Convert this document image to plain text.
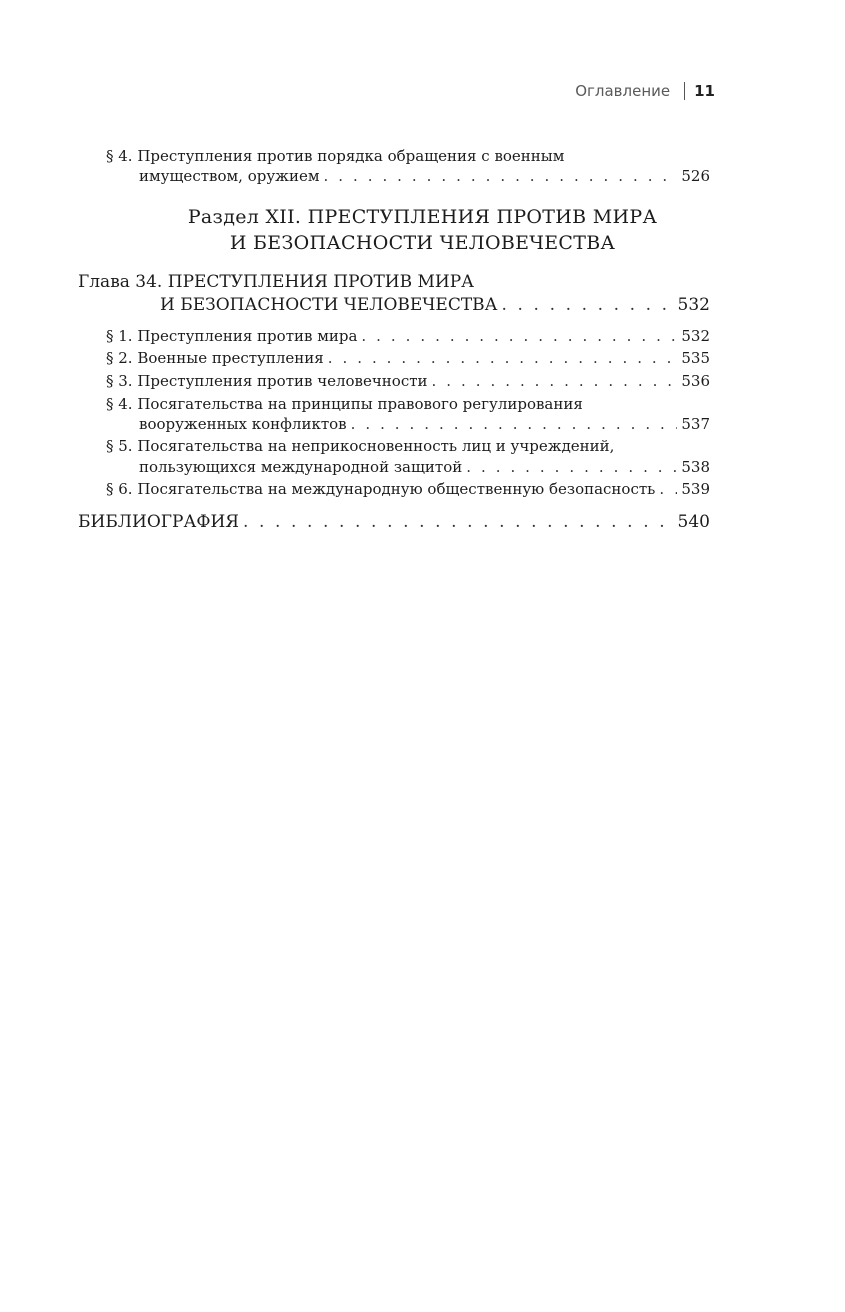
Оглавление 11
§ 4. Преступления против порядка обращения с военным
имуществом, оружием . . .	526
Раздел XII. ПРЕСТУПЛЕНИЯ ПРОТИВ МИРА
И БЕЗОПАСНОСТИ ЧЕЛОВЕЧЕСТВА
Глава 34. ПРЕСТУПЛЕНИЯ ПРОТИВ МИРА
И БЕЗОПАСНОСТИ ЧЕЛОВЕЧЕСТВА . . .	532
§ 1. Преступления против мира . . .	532
§ 2. Военные преступления . . .	535
§ 3. Преступления против человечности . . .	536
§ 4. Посягательства на принципы правового регулирования
вооруженных конфликтов . . .	537
§ 5. Посягательства на неприкосновенность лиц и учреждений,
пользующихся международной защитой . . .	538
§ 6. Посягательства на международную общественную безопасность . . . 539
БИБЛИОГРАФИЯ . . .	540
